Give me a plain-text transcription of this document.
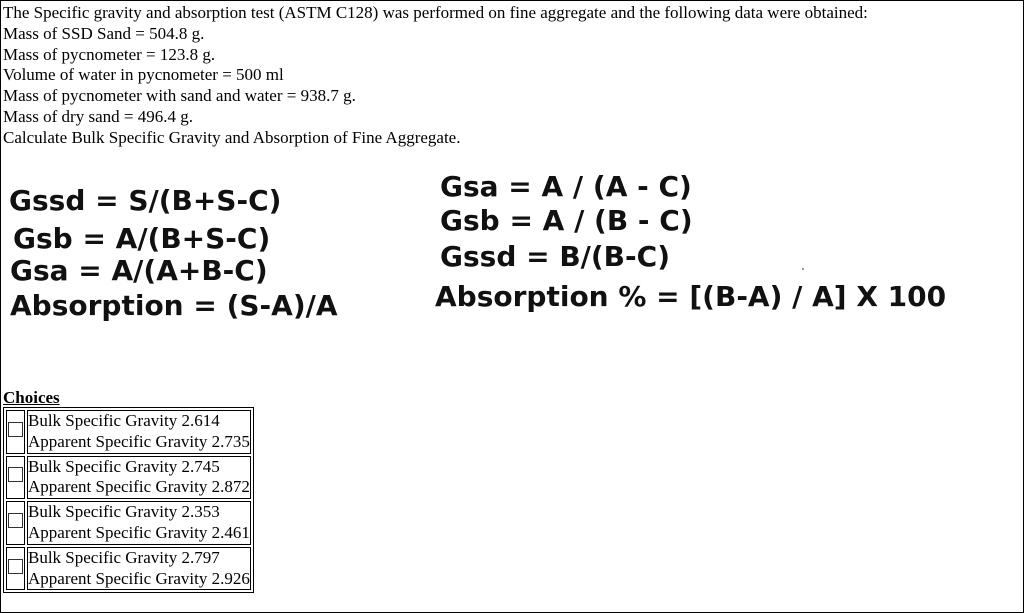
The Specific gravity and absorption test (ASTM C128) was performed on fine aggregate and the following data were obtained:
Mass of SSD Sand = 504.8 g.
Mass of pycnometer = 123.8 g.
Volume of water in pycnometer = 500 ml
Mass of pycnometer with sand and water = 938.7 g.
Mass of dry sand = 496.4 g.
Calculate Bulk Specific Gravity and Absorption of Fine Aggregate.
Gssd = S/(B+S-C)
Gsb = A/(B+S-C)
Gsa = A/(A+B-C)
Absorption = (S-A)/A
Gsa = A / (A - C)
Gsb = A / (B - C)
Gssd = B/(B-C)
Absorption % = [(B-A) / A] X 100
Choices

	Bulk Specific Gravity 2.614
Apparent Specific Gravity 2.735

	Bulk Specific Gravity 2.745
Apparent Specific Gravity 2.872

	Bulk Specific Gravity 2.353
Apparent Specific Gravity 2.461

	Bulk Specific Gravity 2.797
Apparent Specific Gravity 2.926
